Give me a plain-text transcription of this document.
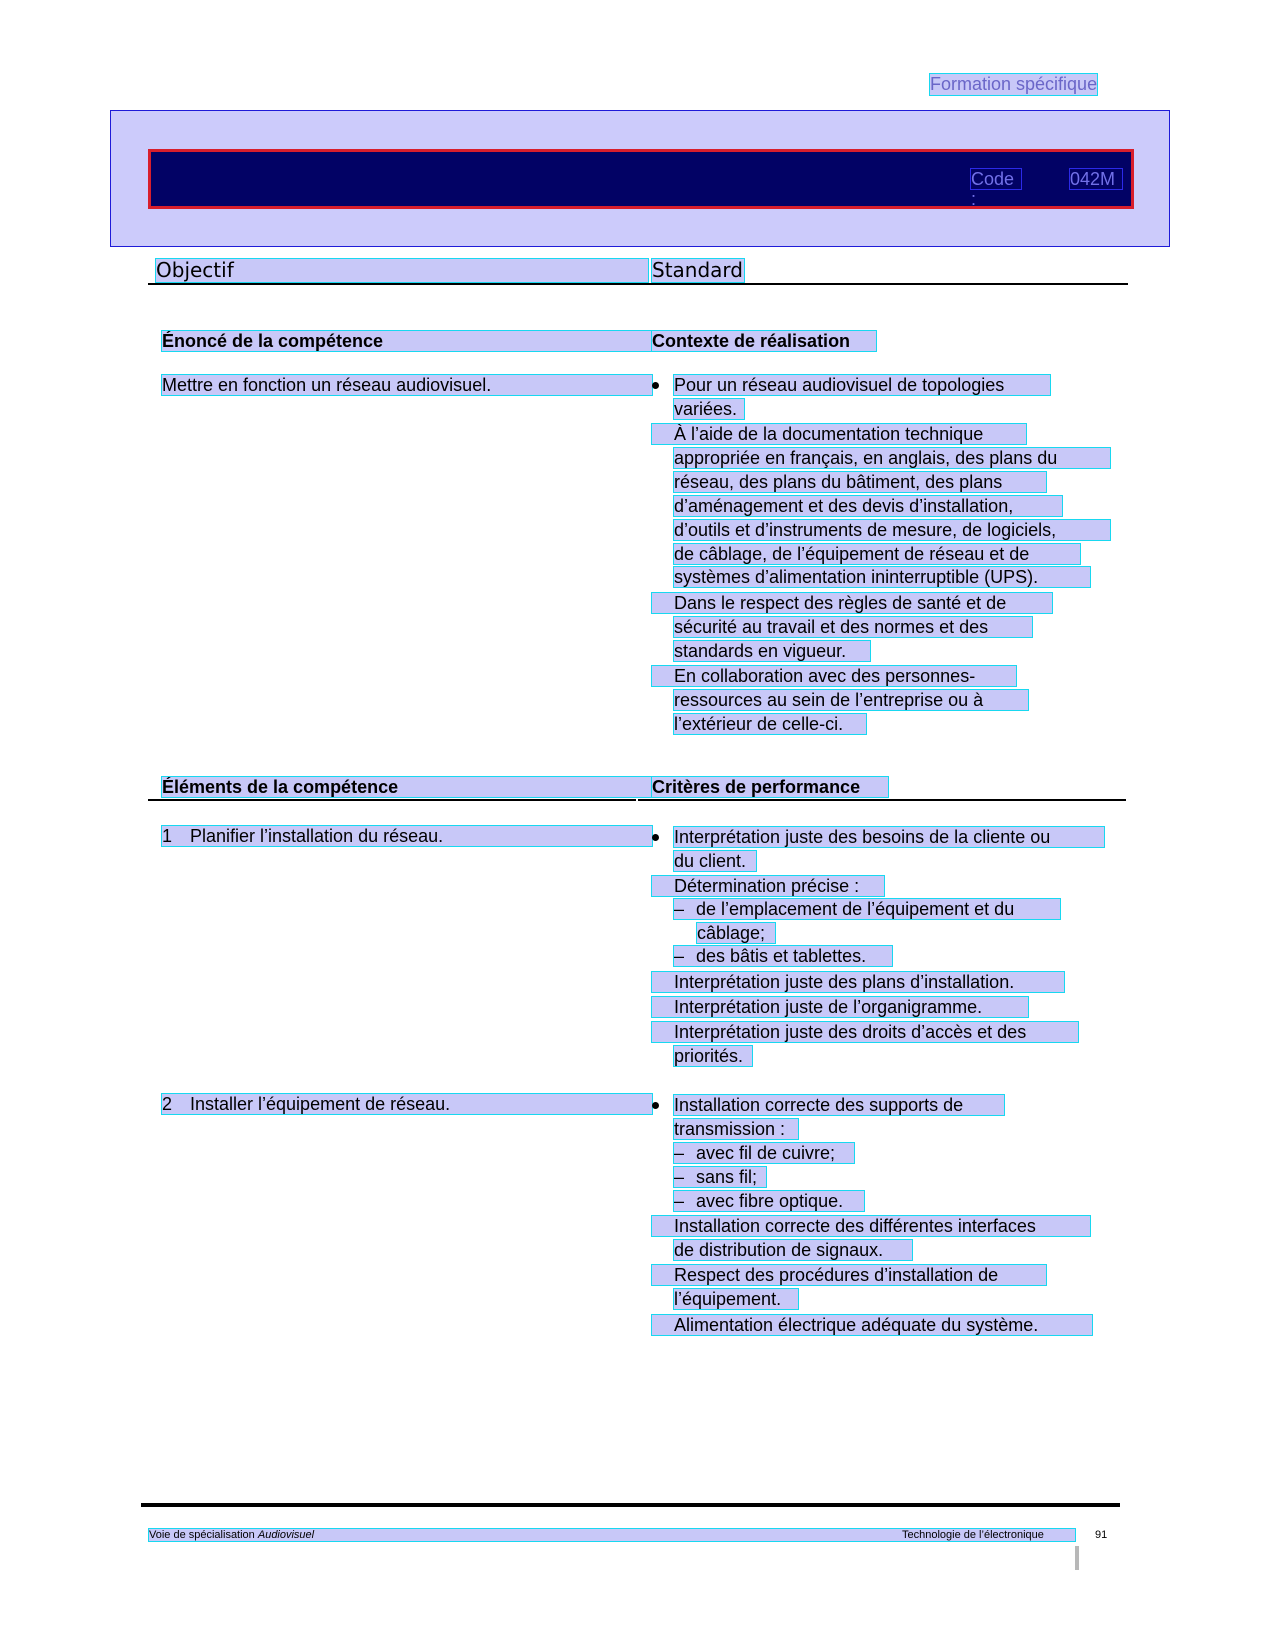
Formation spécifique
Code :
042M
Objectif	Standard
Énoncé de la compétence	Contexte de réalisation
Mettre en fonction un réseau audiovisuel.	Pour un réseau audiovisuel de topologies
variées.
À l’aide de la documentation technique
appropriée en français, en anglais, des plans du
réseau, des plans du bâtiment, des plans
d’aménagement et des devis d’installation,
d’outils et d’instruments de mesure, de logiciels,
de câblage, de l’équipement de réseau et de
systèmes d’alimentation ininterruptible (UPS).
Dans le respect des règles de santé et de
sécurité au travail et des normes et des
standards en vigueur.
En collaboration avec des personnes-
ressources au sein de l’entreprise ou à
l’extérieur de celle-ci.
Éléments de la compétence	Critères de performance
1 Planifier l’installation du réseau.	Interprétation juste des besoins de la cliente ou
du client.
Détermination précise :
– de l’emplacement de l’équipement et du
câblage;
– des bâtis et tablettes.
Interprétation juste des plans d’installation.
Interprétation juste de l’organigramme.
Interprétation juste des droits d’accès et des
priorités.
2 Installer l’équipement de réseau.	Installation correcte des supports de
transmission :
– avec fil de cuivre;
– sans fil;
– avec fibre optique.
Installation correcte des différentes interfaces
de distribution de signaux.
Respect des procédures d’installation de
l’équipement.
Alimentation électrique adéquate du système.
Voie de spécialisation Audiovisuel	Technologie de l’électronique	91
